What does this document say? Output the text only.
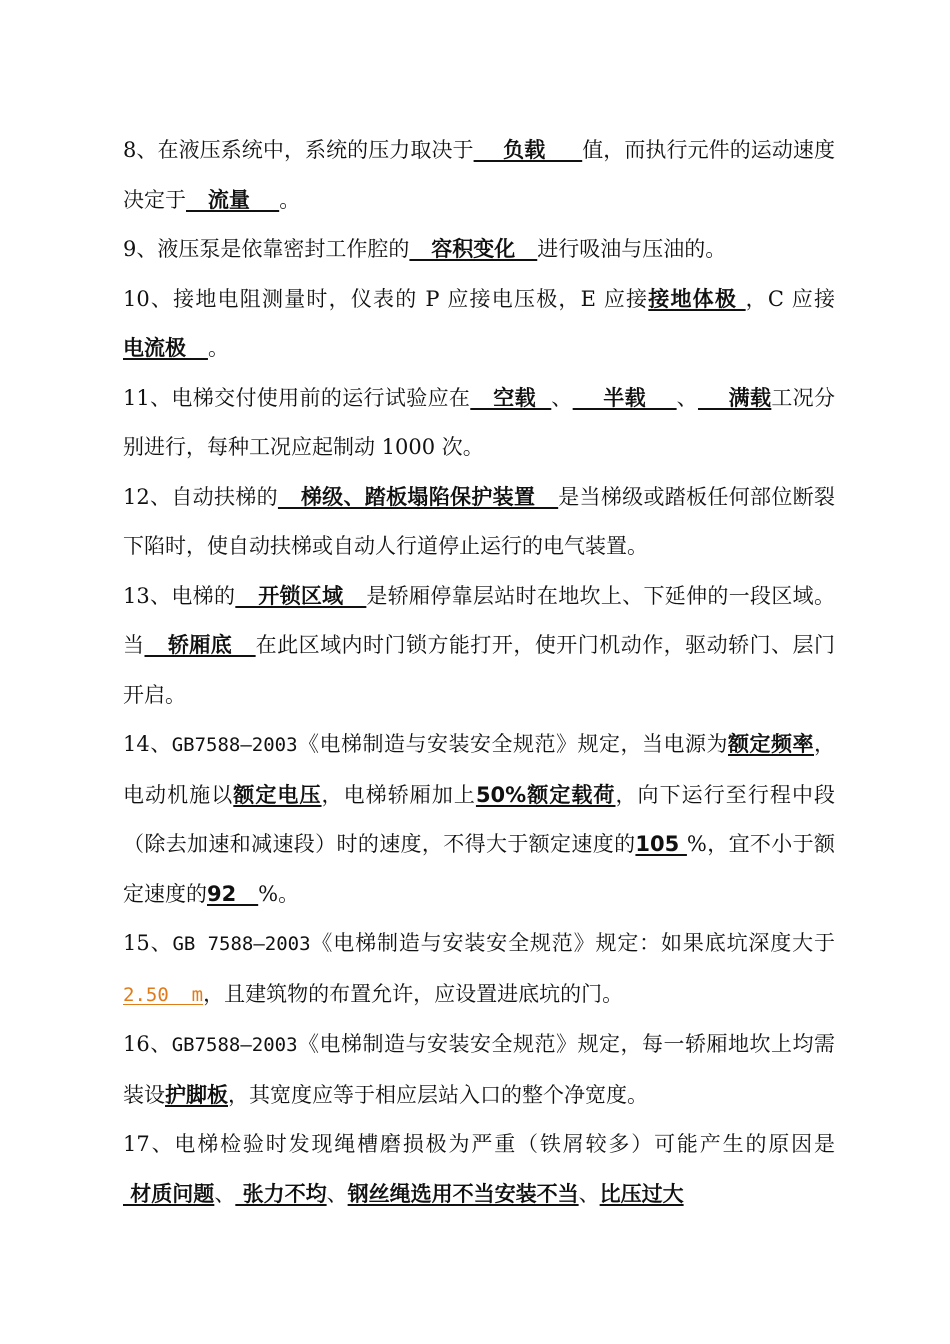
8、在液压系统中，系统的压力取决于    负载     值，而执行元件的运动速度决定于   流量    。

9、液压泵是依靠密封工作腔的   容积变化   进行吸油与压油的。

10、接地电阻测量时，仪表的 P 应接电压极，E 应接接地体极 ，C 应接电流极   。

11、电梯交付使用前的运行试验应在   空载  、    半载    、    满载工况分别进行，每种工况应起制动 1000 次。

12、自动扶梯的   梯级、踏板塌陷保护装置   是当梯级或踏板任何部位断裂下陷时，使自动扶梯或自动人行道停止运行的电气装置。

13、电梯的   开锁区域   是轿厢停靠层站时在地坎上、下延伸的一段区域。当   轿厢底   在此区域内时门锁方能打开，使开门机动作，驱动轿门、层门开启。

14、GB7588—2003《电梯制造与安装安全规范》规定，当电源为额定频率，电动机施以额定电压，电梯轿厢加上50%额定载荷，向下运行至行程中段（除去加速和减速段）时的速度，不得大于额定速度的105 %，宜不小于额定速度的92   %。

15、GB 7588—2003《电梯制造与安装安全规范》规定：如果底坑深度大于2.50  m，且建筑物的布置允许，应设置进底坑的门。

16、GB7588—2003《电梯制造与安装安全规范》规定，每一轿厢地坎上均需装设护脚板，其宽度应等于相应层站入口的整个净宽度。

17、电梯检验时发现绳槽磨损极为严重（铁屑较多）可能产生的原因是 材质问题、 张力不均、钢丝绳选用不当安装不当、比压过大
